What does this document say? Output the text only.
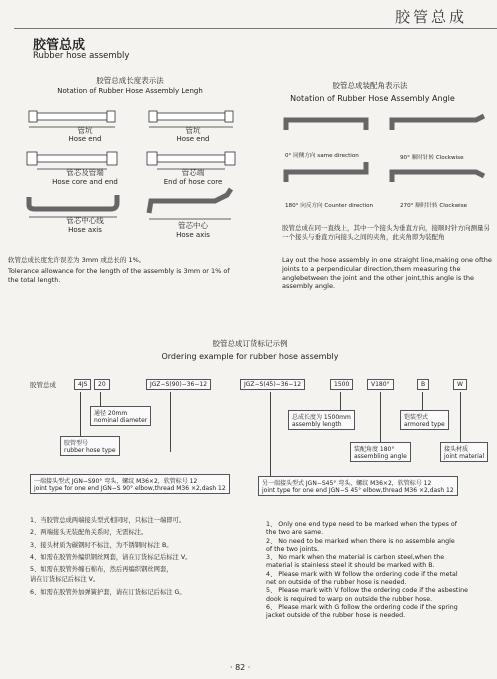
胶管总成
胶管总成
Rubber hose assembly
胶管总成长度表示法
Notation of Rubber Hose Assembly Lengh
管坑
Hose end
管坑
Hose end
管芯及管端
Hose core and end
管芯端
End of hose core
管芯中心线
Hose axis	管芯中心
Hose axis
软管总成长度允许误差为 3mm 或总长的 1%。
Tolerance allowance for the length of the assembly is 3mm or 1% of the total length.
胶管总成装配角表示法
Notation of Rubber Hose Assembly Angle
0° 同侧方向 same direction	90° 顺时针转 Clockwise
180° 向反方向 Counter direction	270° 顺时针转 Clockwise
胶管总成在同一直线上，其中一个接头为垂直方向，接顺时针方向测量另一个接头与垂直方向接头之间的夹角，此夹角即为装配角
Lay out the hose assembly in one straight line,making one ofthe joints to a perpendicular direction,them measuring the anglebetween the joint and the other joint,this angle is the assembly angle.
胶管总成订货标记示例
Ordering example for rubber hose assembly
胶管总成	4JS	20	JGZ−S(90)−36−12	JGZ−S(45)−36−12	1500	V180°	B	W
通径 20mm
nominal diameter
胶管型号
rubber hose type
总成长度为 1500mm
assembly length
铠装型式
armored type
装配角度 180°
assembling angle
接头材质
joint material
一端接头型式 JGN−S90° 弯头，螺纹 M36×2，软管标号 12
joint type for one end JGN−S 90° elbow,thread M36 ×2,dash 12
另一端接头型式 JGN−S45° 弯头，螺纹 M36×2，软管标号 12
joint type for one end JGN−S 45° elbow,thread M36 ×2,dash 12
1、当胶管总成两端接头型式相同时，只标注一端即可。
2、两端接头无装配角关系时，无需标注。
3、接头材质为碳钢时不标注，为不锈钢时标注 B。
4、如需在胶管外编织钢丝网套，请在订货标记后标注 V。
5、如需在胶管外缠石棉布，然后再编织钢丝网套，
请在订货标记后标注 V。
6、如需在胶管外加弹簧护套，请在订货标记后标注 G。
1、 Only one end type need to be marked when the types of
the two are same.
2、 No need to be marked when there is no assemble angle
of the two joints.
3、 No mark when the material is carbon steel,when the
material is stainless steel it should be marked with B.
4、 Please mark with W follow the ordering code if the metal
net on outside of the rubber hose is needed.
5、 Please mark with V follow the ordering code if the asbestine
dook is required to warp on outside the rubber hose.
6、 Please mark with G follow the ordering code if the spring
jacket outside of the rubber hose is needed.
· 82 ·
